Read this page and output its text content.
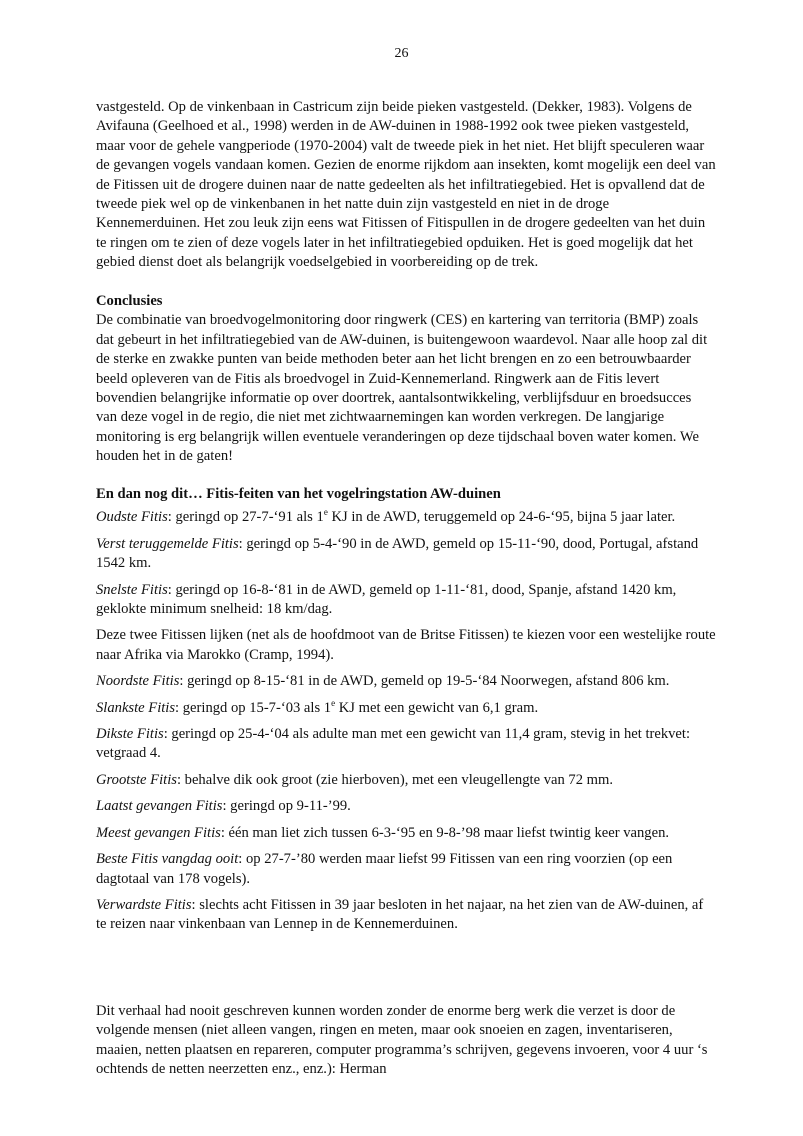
26

vastgesteld. Op de vinkenbaan in Castricum zijn beide pieken vastgesteld. (Dekker, 1983). Volgens de Avifauna (Geelhoed et al., 1998) werden in de AW-duinen in 1988-1992 ook twee pieken vastgesteld, maar voor de gehele vangperiode (1970-2004) valt de tweede piek in het niet. Het blijft speculeren waar de gevangen vogels vandaan komen. Gezien de enorme rijkdom aan insekten, komt mogelijk een deel van de Fitissen uit de drogere duinen naar de natte gedeelten als het infiltratiegebied. Het is opvallend dat de tweede piek wel op de vinkenbanen in het natte duin zijn vastgesteld en niet in de droge Kennemerduinen. Het zou leuk zijn eens wat Fitissen of Fitispullen in de drogere gedeelten van het duin te ringen om te zien of deze vogels later in het infiltratiegebied opduiken. Het is goed mogelijk dat het gebied dienst doet als belangrijk voedselgebied in voorbereiding op de trek.

Conclusies

De combinatie van broedvogelmonitoring door ringwerk (CES) en kartering van territoria (BMP) zoals dat gebeurt in het infiltratiegebied van de AW-duinen, is buitengewoon waardevol. Naar alle hoop zal dit de sterke en zwakke punten van beide methoden beter aan het licht brengen en zo een betrouwbaarder beeld opleveren van de Fitis als broedvogel in Zuid-Kennemerland. Ringwerk aan de Fitis levert bovendien belangrijke informatie op over doortrek, aantalsontwikkeling, verblijfsduur en broedsucces van deze vogel in de regio, die niet met zichtwaarnemingen kan worden verkregen. De langjarige monitoring is erg belangrijk willen eventuele veranderingen op deze tijdschaal boven water komen. We houden het in de gaten!

En dan nog dit… Fitis-feiten van het vogelringstation AW-duinen

Oudste Fitis: geringd op 27-7-‘91 als 1e KJ in de AWD, teruggemeld op 24-6-‘95, bijna 5 jaar later.

Verst teruggemelde Fitis: geringd op 5-4-‘90 in de AWD, gemeld op 15-11-‘90, dood, Portugal, afstand 1542 km.

Snelste Fitis: geringd op 16-8-‘81 in de AWD, gemeld op 1-11-‘81, dood, Spanje, afstand 1420 km, geklokte minimum snelheid: 18 km/dag.

Deze twee Fitissen lijken (net als de hoofdmoot van de Britse Fitissen) te kiezen voor een westelijke route naar Afrika via Marokko (Cramp, 1994).

Noordste Fitis: geringd op 8-15-‘81 in de AWD, gemeld op 19-5-‘84 Noorwegen, afstand 806 km.

Slankste Fitis: geringd op 15-7-‘03 als 1e KJ met een gewicht van 6,1 gram.

Dikste Fitis: geringd op 25-4-‘04 als adulte man met een gewicht van 11,4 gram, stevig in het trekvet: vetgraad 4.

Grootste Fitis: behalve dik ook groot (zie hierboven), met een vleugellengte van 72 mm.

Laatst gevangen Fitis: geringd op 9-11-’99.

Meest gevangen Fitis: één man liet zich tussen 6-3-‘95 en 9-8-’98 maar liefst twintig keer vangen.

Beste Fitis vangdag ooit: op 27-7-’80 werden maar liefst 99 Fitissen van een ring voorzien (op een dagtotaal van 178 vogels).

Verwardste Fitis: slechts acht Fitissen in 39 jaar besloten in het najaar, na het zien van de AW-duinen, af te reizen naar vinkenbaan van Lennep in de Kennemerduinen.

Dit verhaal had nooit geschreven kunnen worden zonder de enorme berg werk die verzet is door de volgende mensen (niet alleen vangen, ringen en meten, maar ook snoeien en zagen, inventariseren, maaien, netten plaatsen en repareren, computer programma’s schrijven, gegevens invoeren, voor 4 uur ‘s ochtends de netten neerzetten enz., enz.): Herman
